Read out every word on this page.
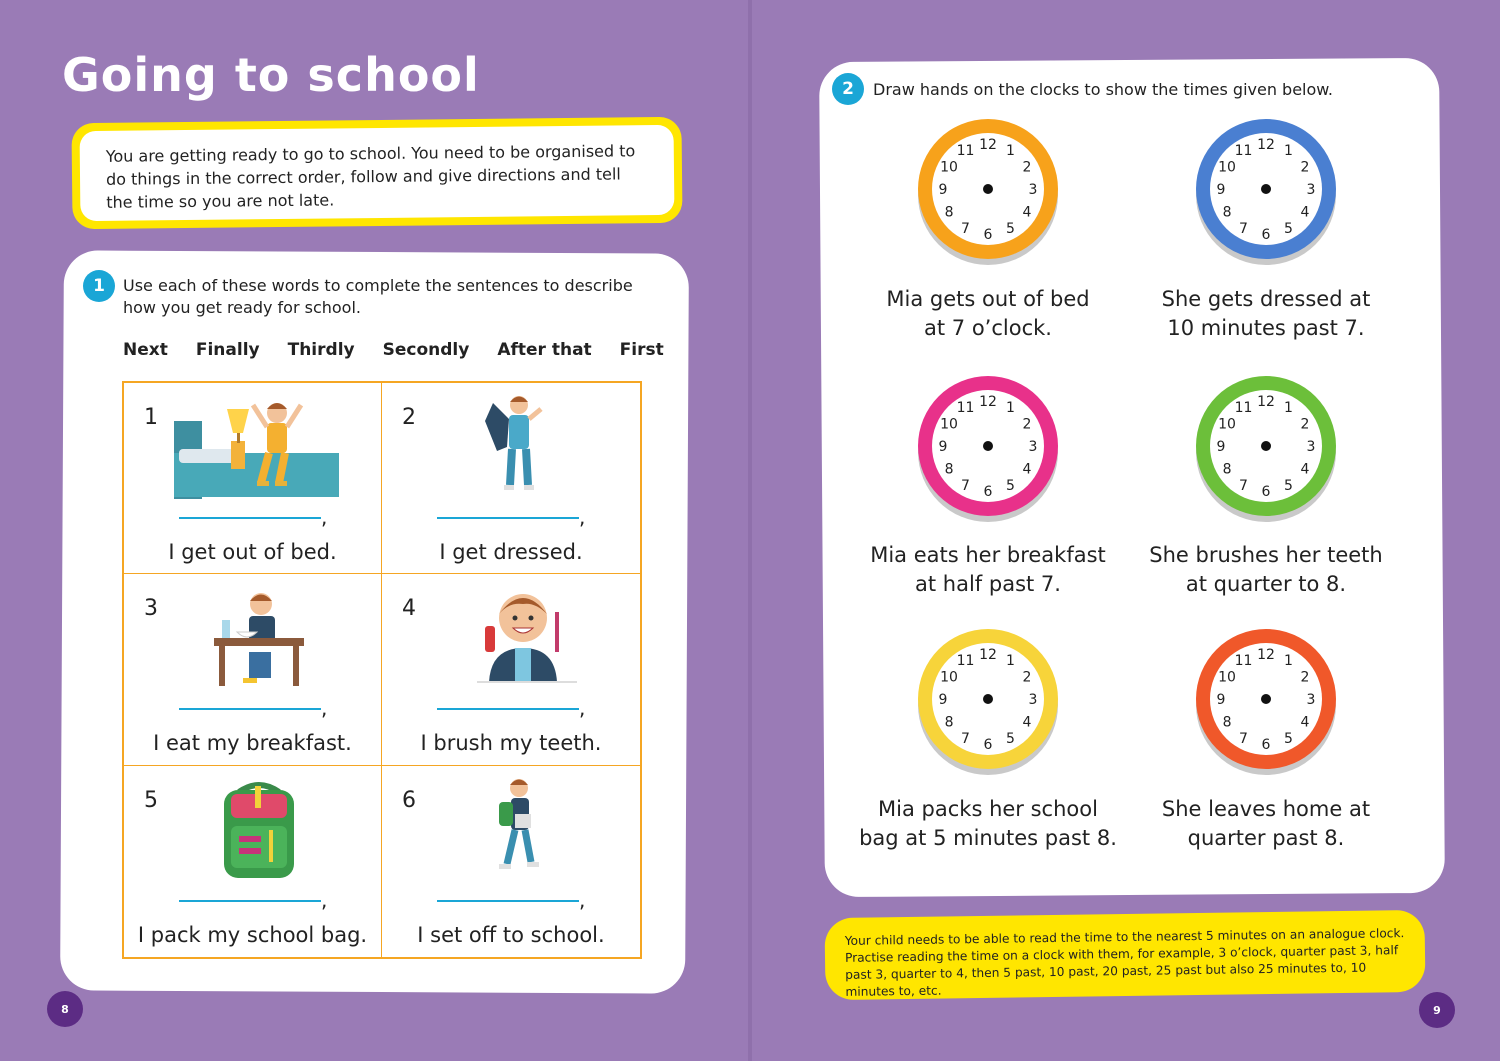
Going to school
You are getting ready to go to school. You need to be organised to do things in the correct order, follow and give directions and tell the time so you are not late.
1	Use each of these words to complete the sentences to describe how you get ready for school.
Next Finally Thirdly Secondly After that First
1
,
I get out of bed.
2
,
I get dressed.
3
,
I eat my breakfast.
4
,
I brush my teeth.
5
,
I pack my school bag.
6
,
I set off to school.
2	Draw hands on the clocks to show the times given below.
12 1
2
3
4
5
6
7
8
9
10
11
Mia gets out of bed
at 7 o’clock.
12 1
2
3
4
5
6
7
8
9
10
11
She gets dressed at
10 minutes past 7.
12 1
2
3
4
5
6
7
8
9
10
11
Mia eats her breakfast
at half past 7.
12 1
2
3
4
5
6
7
8
9
10
11
She brushes her teeth
at quarter to 8.
12 1
2
3
4
5
6
7
8
9
10
11
Mia packs her school
bag at 5 minutes past 8.
12 1
2
3
4
5
6
7
8
9
10
11
She leaves home at
quarter past 8.
Your child needs to be able to read the time to the nearest 5 minutes on an analogue clock. Practise reading the time on a clock with them, for example, 3 o’clock, quarter past 3, half past 3, quarter to 4, then 5 past, 10 past, 20 past, 25 past but also 25 minutes to, 10 minutes to, etc.
8	9
